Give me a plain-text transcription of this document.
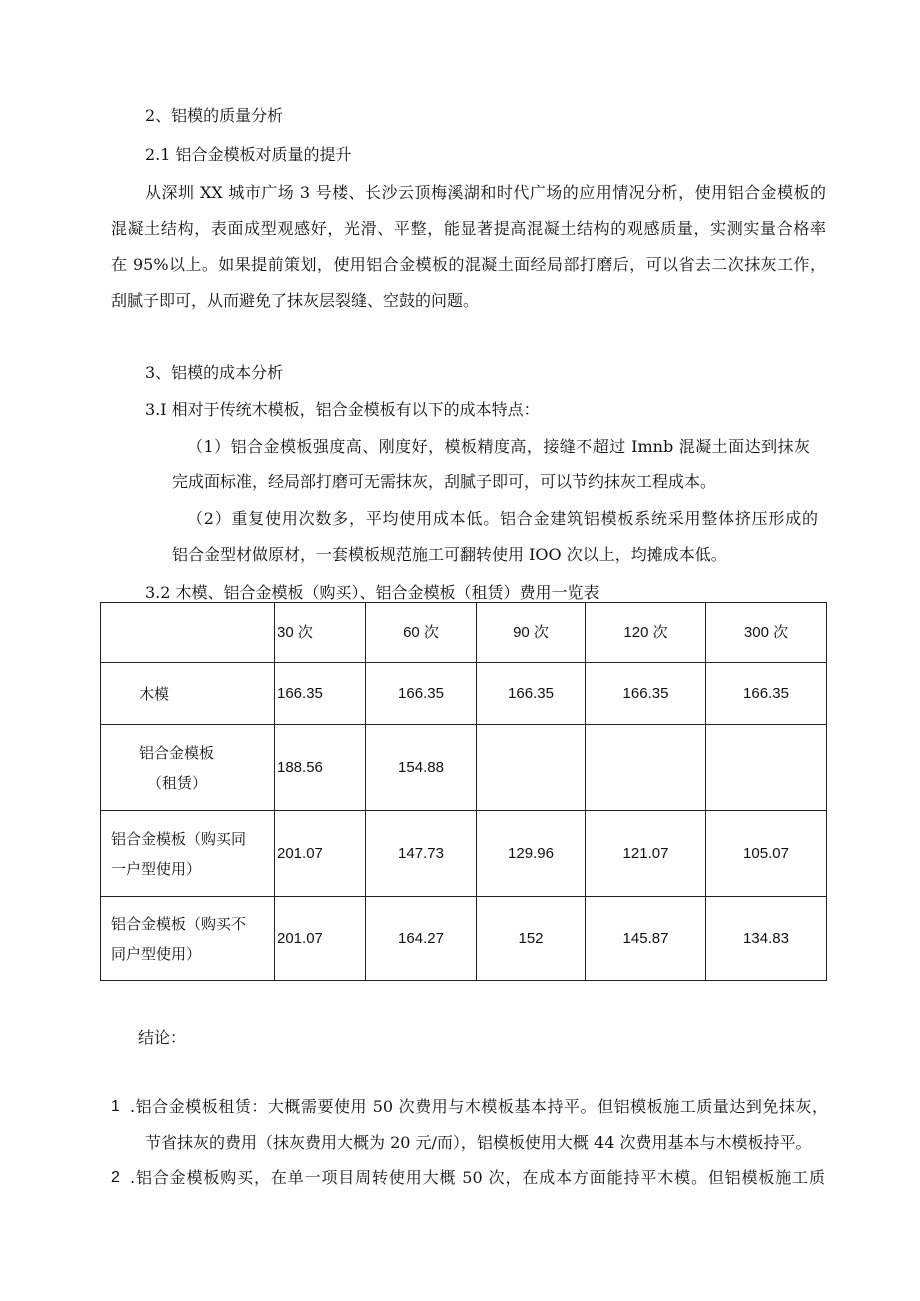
2、铝模的质量分析
2.1 铝合金模板对质量的提升
从深圳 XX 城市广场 3 号楼、长沙云顶梅溪湖和时代广场的应用情况分析，使用铝合金模板的
混凝土结构，表面成型观感好，光滑、平整，能显著提高混凝土结构的观感质量，实测实量合格率
在 95%以上。如果提前策划，使用铝合金模板的混凝土面经局部打磨后，可以省去二次抹灰工作，
刮腻子即可，从而避免了抹灰层裂缝、空鼓的问题。
3、铝模的成本分析
3.I 相对于传统木模板，铝合金模板有以下的成本特点：
（1）铝合金模板强度高、刚度好，模板精度高，接缝不超过 Imnb 混凝土面达到抹灰
完成面标准，经局部打磨可无需抹灰，刮腻子即可，可以节约抹灰工程成本。
（2）重复使用次数多，平均使用成本低。铝合金建筑铝模板系统采用整体挤压形成的
铝合金型材做原材，一套模板规范施工可翻转使用 IOO 次以上，均摊成本低。
3.2 木模、铝合金模板（购买）、铝合金模板（租赁）费用一览表
	30 次	60 次	90 次	120 次	300 次
木模	166.35	166.35	166.35	166.35	166.35

铝合金模板
（租赁）	188.56	154.88			

铝合金模板（购买同
一户型使用）	201.07	147.73	129.96	121.07	105.07

铝合金模板（购买不
同户型使用）	201.07	164.27	152	145.87	134.83
结论：
1 .铝合金模板租赁：大概需要使用 50 次费用与木模板基本持平。但铝模板施工质量达到免抹灰，
节省抹灰的费用（抹灰费用大概为 20 元/而），铝模板使用大概 44 次费用基本与木模板持平。
2 .铝合金模板购买，在单一项目周转使用大概 50 次，在成本方面能持平木模。但铝模板施工质
